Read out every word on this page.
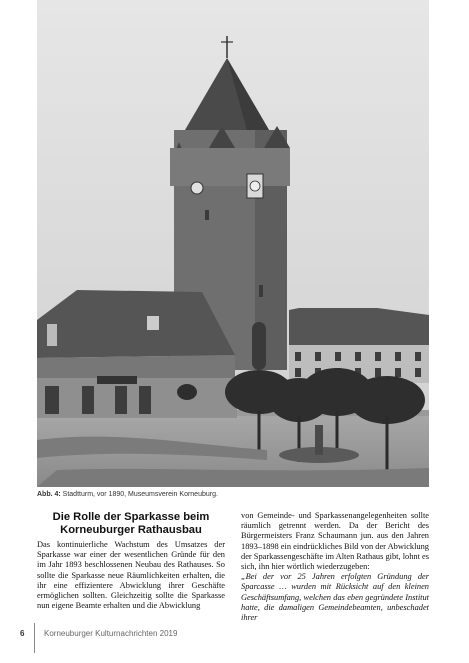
Abb. 4: Stadtturm, vor 1890, Museumsverein Korneuburg.
Die Rolle der Sparkasse beim Korneuburger Rathausbau

Das kontinuierliche Wachstum des Umsatzes der Sparkasse war einer der wesentlichen Gründe für den im Jahr 1893 beschlossenen Neubau des Rathauses. So sollte die Sparkasse neue Räumlichkeiten erhalten, die ihr eine effizientere Abwicklung ihrer Geschäfte ermöglichen sollten. Gleichzeitig sollte die Sparkasse nun eigene Beamte erhalten und die Abwicklung

von Gemeinde- und Sparkassenangelegenheiten sollte räumlich getrennt werden. Da der Bericht des Bürgermeisters Franz Schaumann jun. aus den Jahren 1893–1898 ein eindrückliches Bild von der Abwicklung der Sparkassengeschäfte im Alten Rathaus gibt, lohnt es sich, ihn hier wörtlich wiederzugeben:

„Bei der vor 25 Jahren erfolgten Gründung der Sparcasse … wurden mit Rücksicht auf den kleinen Geschäftsumfang, welchen das eben gegründete Institut hatte, die damaligen Gemeindebeamten, unbeschadet ihrer

6 Korneuburger Kulturnachrichten 2019
